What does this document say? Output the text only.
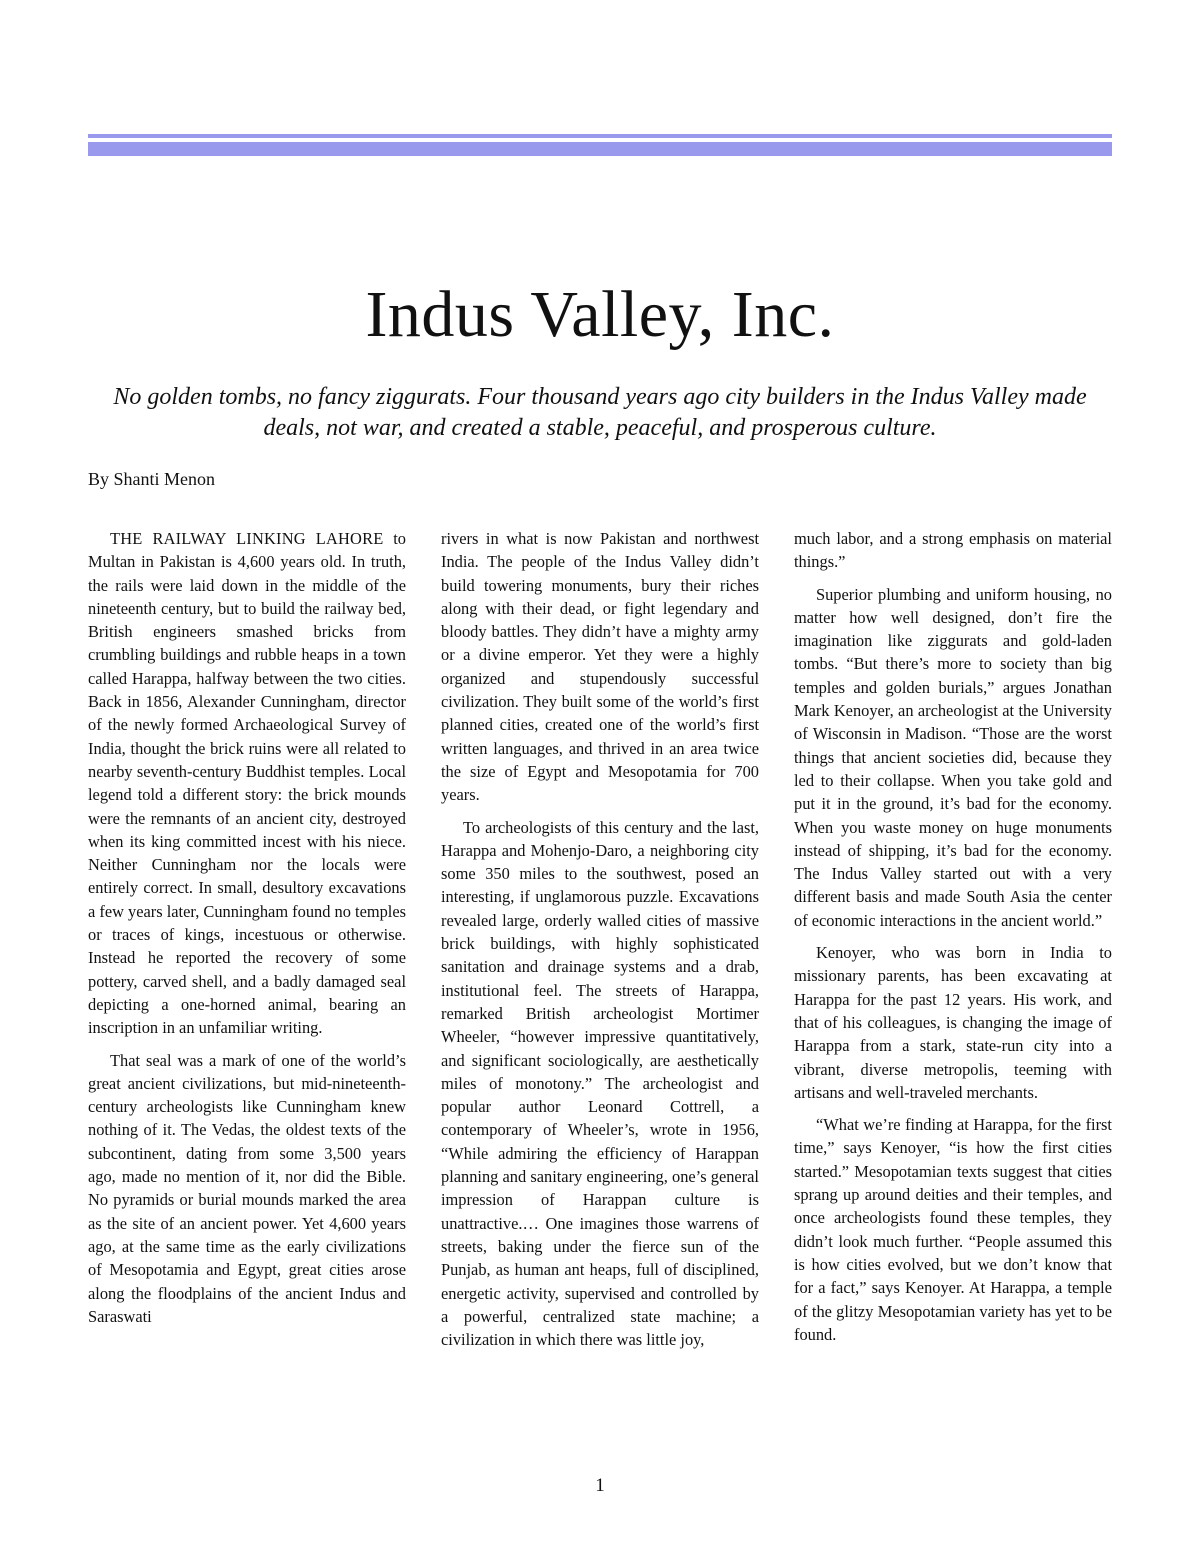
Indus Valley, Inc.

No golden tombs, no fancy ziggurats. Four thousand years ago city builders in the Indus Valley made deals, not war, and created a stable, peaceful, and prosperous culture.

By Shanti Menon

THE RAILWAY LINKING LAHORE to Multan in Pakistan is 4,600 years old. In truth, the rails were laid down in the middle of the nineteenth century, but to build the railway bed, British engineers smashed bricks from crumbling buildings and rubble heaps in a town called Harappa, halfway between the two cities. Back in 1856, Alexander Cunningham, director of the newly formed Archaeological Survey of India, thought the brick ruins were all related to nearby seventh-century Buddhist temples. Local legend told a different story: the brick mounds were the remnants of an ancient city, destroyed when its king committed incest with his niece. Neither Cunningham nor the locals were entirely correct. In small, desultory excavations a few years later, Cunningham found no temples or traces of kings, incestuous or otherwise. Instead he reported the recovery of some pottery, carved shell, and a badly damaged seal depicting a one-horned animal, bearing an inscription in an unfamiliar writing.

That seal was a mark of one of the world’s great ancient civilizations, but mid-nineteenth-century archeologists like Cunningham knew nothing of it. The Vedas, the oldest texts of the subcontinent, dating from some 3,500 years ago, made no mention of it, nor did the Bible. No pyramids or burial mounds marked the area as the site of an ancient power. Yet 4,600 years ago, at the same time as the early civilizations of Mesopotamia and Egypt, great cities arose along the floodplains of the ancient Indus and Saraswati

rivers in what is now Pakistan and northwest India. The people of the Indus Valley didn’t build towering monuments, bury their riches along with their dead, or fight legendary and bloody battles. They didn’t have a mighty army or a divine emperor. Yet they were a highly organized and stupendously successful civilization. They built some of the world’s first planned cities, created one of the world’s first written languages, and thrived in an area twice the size of Egypt and Mesopotamia for 700 years.

To archeologists of this century and the last, Harappa and Mohenjo-Daro, a neighboring city some 350 miles to the southwest, posed an interesting, if unglamorous puzzle. Excavations revealed large, orderly walled cities of massive brick buildings, with highly sophisticated sanitation and drainage systems and a drab, institutional feel. The streets of Harappa, remarked British archeologist Mortimer Wheeler, “however impressive quantitatively, and significant sociologically, are aesthetically miles of monotony.” The archeologist and popular author Leonard Cottrell, a contemporary of Wheeler’s, wrote in 1956, “While admiring the efficiency of Harappan planning and sanitary engineering, one’s general impression of Harappan culture is unattractive.… One imagines those warrens of streets, baking under the fierce sun of the Punjab, as human ant heaps, full of disciplined, energetic activity, supervised and controlled by a powerful, centralized state machine; a civilization in which there was little joy,

much labor, and a strong emphasis on material things.”

Superior plumbing and uniform housing, no matter how well designed, don’t fire the imagination like ziggurats and gold-laden tombs. “But there’s more to society than big temples and golden burials,” argues Jonathan Mark Kenoyer, an archeologist at the University of Wisconsin in Madison. “Those are the worst things that ancient societies did, because they led to their collapse. When you take gold and put it in the ground, it’s bad for the economy. When you waste money on huge monuments instead of shipping, it’s bad for the economy. The Indus Valley started out with a very different basis and made South Asia the center of economic interactions in the ancient world.”

Kenoyer, who was born in India to missionary parents, has been excavating at Harappa for the past 12 years. His work, and that of his colleagues, is changing the image of Harappa from a stark, state-run city into a vibrant, diverse metropolis, teeming with artisans and well-traveled merchants.

“What we’re finding at Harappa, for the first time,” says Kenoyer, “is how the first cities started.” Mesopotamian texts suggest that cities sprang up around deities and their temples, and once archeologists found these temples, they didn’t look much further. “People assumed this is how cities evolved, but we don’t know that for a fact,” says Kenoyer. At Harappa, a temple of the glitzy Mesopotamian variety has yet to be found.

1
